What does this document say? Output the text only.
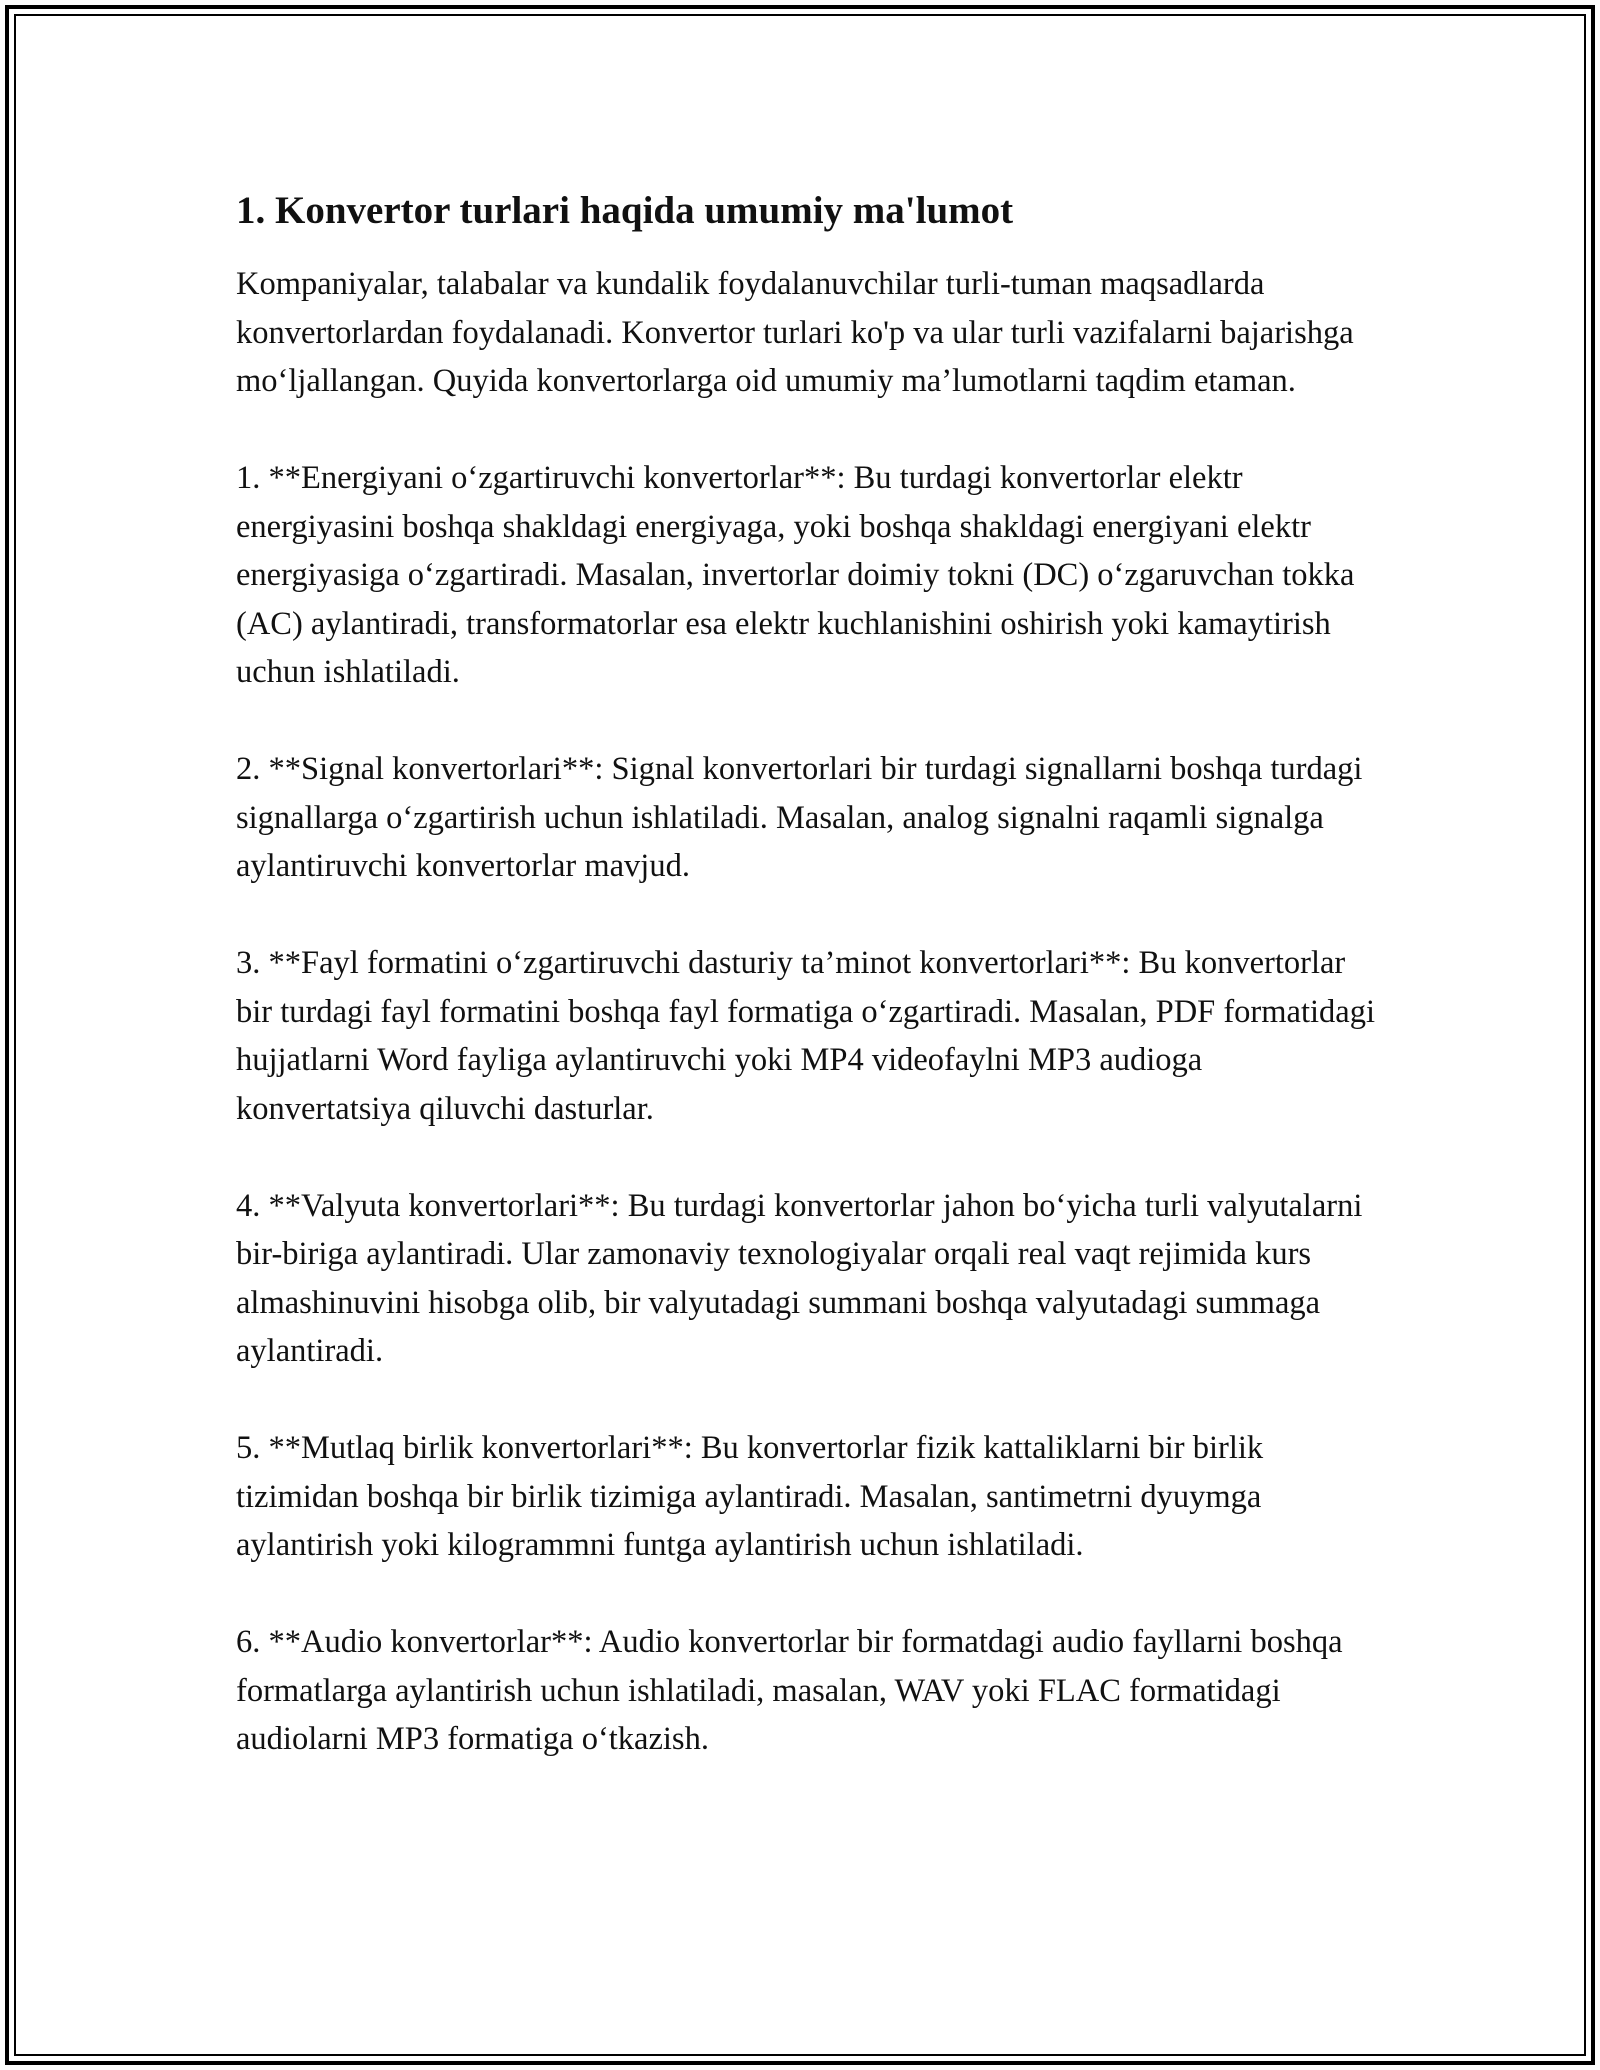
1. Konvertor turlari haqida umumiy ma'lumot

Kompaniyalar, talabalar va kundalik foydalanuvchilar turli-tuman maqsadlarda konvertorlardan foydalanadi. Konvertor turlari ko'p va ular turli vazifalarni bajarishga mo‘ljallangan. Quyida konvertorlarga oid umumiy ma’lumotlarni taqdim etaman.

1. **Energiyani o‘zgartiruvchi konvertorlar**: Bu turdagi konvertorlar elektr energiyasini boshqa shakldagi energiyaga, yoki boshqa shakldagi energiyani elektr energiyasiga o‘zgartiradi. Masalan, invertorlar doimiy tokni (DC) o‘zgaruvchan tokka (AC) aylantiradi, transformatorlar esa elektr kuchlanishini oshirish yoki kamaytirish uchun ishlatiladi.

2. **Signal konvertorlari**: Signal konvertorlari bir turdagi signallarni boshqa turdagi signallarga o‘zgartirish uchun ishlatiladi. Masalan, analog signalni raqamli signalga aylantiruvchi konvertorlar mavjud.

3. **Fayl formatini o‘zgartiruvchi dasturiy ta’minot konvertorlari**: Bu konvertorlar bir turdagi fayl formatini boshqa fayl formatiga o‘zgartiradi. Masalan, PDF formatidagi hujjatlarni Word fayliga aylantiruvchi yoki MP4 videofaylni MP3 audioga konvertatsiya qiluvchi dasturlar.

4. **Valyuta konvertorlari**: Bu turdagi konvertorlar jahon bo‘yicha turli valyutalarni bir-biriga aylantiradi. Ular zamonaviy texnologiyalar orqali real vaqt rejimida kurs almashinuvini hisobga olib, bir valyutadagi summani boshqa valyutadagi summaga aylantiradi.

5. **Mutlaq birlik konvertorlari**: Bu konvertorlar fizik kattaliklarni bir birlik tizimidan boshqa bir birlik tizimiga aylantiradi. Masalan, santimetrni dyuymga aylantirish yoki kilogrammni funtga aylantirish uchun ishlatiladi.

6. **Audio konvertorlar**: Audio konvertorlar bir formatdagi audio fayllarni boshqa formatlarga aylantirish uchun ishlatiladi, masalan, WAV yoki FLAC formatidagi audiolarni MP3 formatiga o‘tkazish.
